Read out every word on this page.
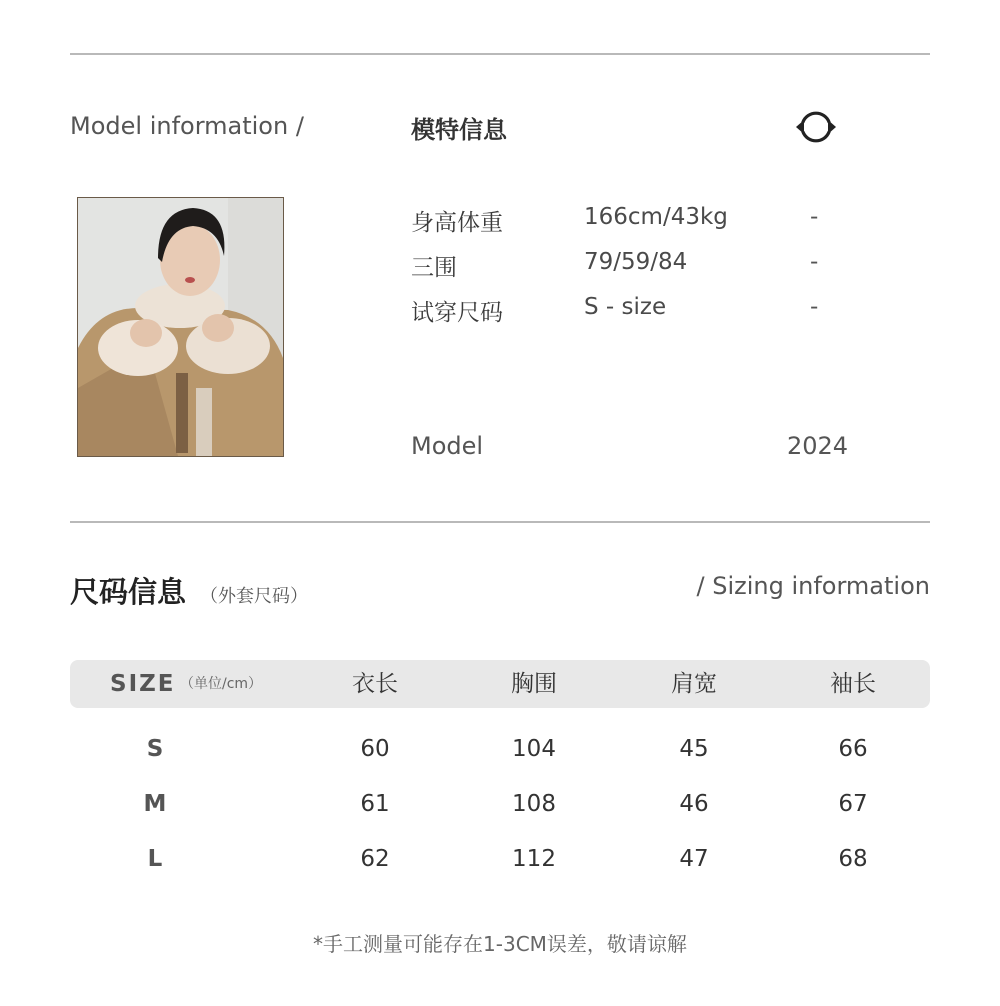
Model information /	模特信息
身高体重	166cm/43kg	-
三围	79/59/84	-
试穿尺码	S - size	-
Model	2024
尺码信息 （外套尺码）	/ Sizing information
SIZE （单位/cm）	衣长	胸围	肩宽	袖长
S	60	104	45	66
M	61	108	46	67
L	62	112	47	68
*手工测量可能存在1-3CM误差，敬请谅解
